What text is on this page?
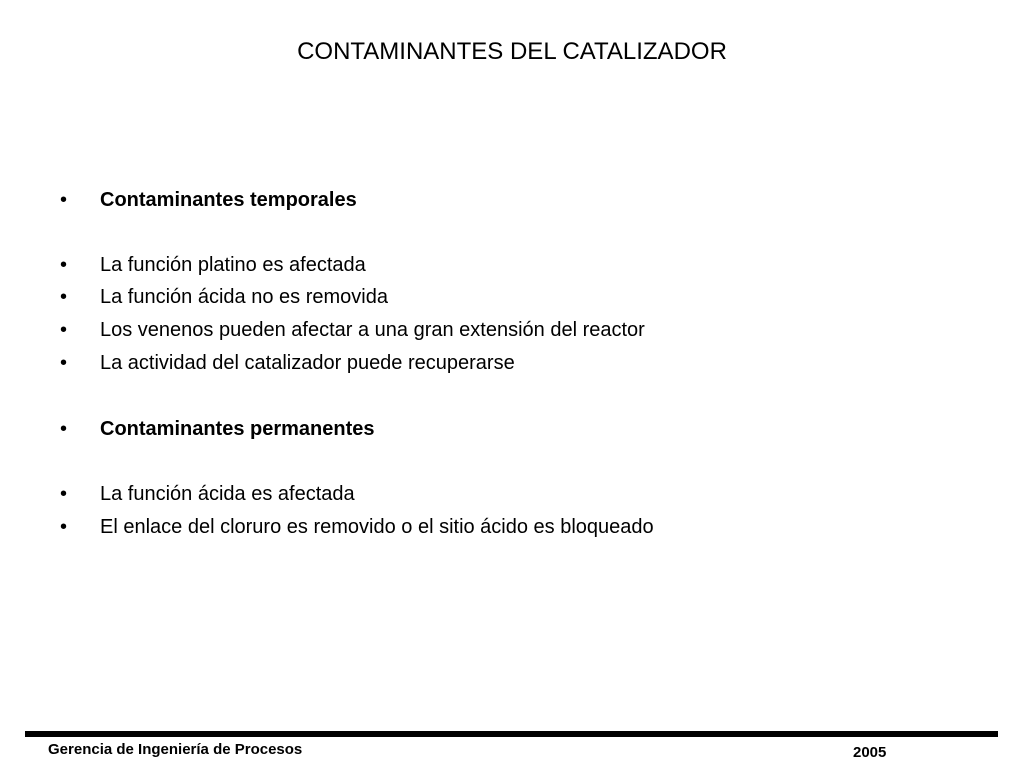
CONTAMINANTES DEL CATALIZADOR
•	Contaminantes temporales
•	La función platino es afectada
•	La función ácida no es removida
•	Los venenos pueden afectar a una gran extensión del reactor
•	La actividad del catalizador puede recuperarse
•	Contaminantes permanentes
•	La función ácida es afectada
•	El enlace del cloruro es removido o el sitio ácido es bloqueado
Gerencia de Ingeniería de Procesos	2005
